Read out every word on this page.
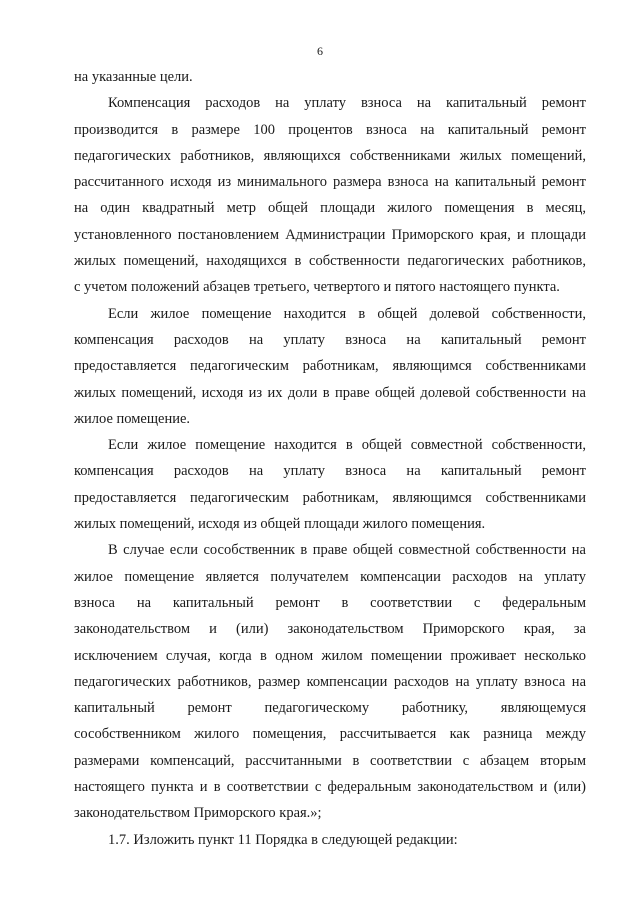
6
на указанные цели.
Компенсация расходов на уплату взноса на капитальный ремонт
производится в размере 100 процентов взноса на капитальный ремонт
педагогических работников, являющихся собственниками жилых помещений,
рассчитанного исходя из минимального размера взноса на капитальный ремонт
на один квадратный метр общей площади жилого помещения в месяц,
установленного постановлением Администрации Приморского края, и площади
жилых помещений, находящихся в собственности педагогических работников,
с учетом положений абзацев третьего, четвертого и пятого настоящего пункта.
Если жилое помещение находится в общей долевой собственности,
компенсация расходов на уплату взноса на капитальный ремонт
предоставляется педагогическим работникам, являющимся собственниками
жилых помещений, исходя из их доли в праве общей долевой собственности на
жилое помещение.
Если жилое помещение находится в общей совместной собственности,
компенсация расходов на уплату взноса на капитальный ремонт
предоставляется педагогическим работникам, являющимся собственниками
жилых помещений, исходя из общей площади жилого помещения.
В случае если сособственник в праве общей совместной собственности на
жилое помещение является получателем компенсации расходов на уплату
взноса на капитальный ремонт в соответствии с федеральным
законодательством и (или) законодательством Приморского края, за
исключением случая, когда в одном жилом помещении проживает несколько
педагогических работников, размер компенсации расходов на уплату взноса на
капитальный ремонт педагогическому работнику, являющемуся
сособственником жилого помещения, рассчитывается как разница между
размерами компенсаций, рассчитанными в соответствии с абзацем вторым
настоящего пункта и в соответствии с федеральным законодательством и (или)
законодательством Приморского края.»;
1.7. Изложить пункт 11 Порядка в следующей редакции:
